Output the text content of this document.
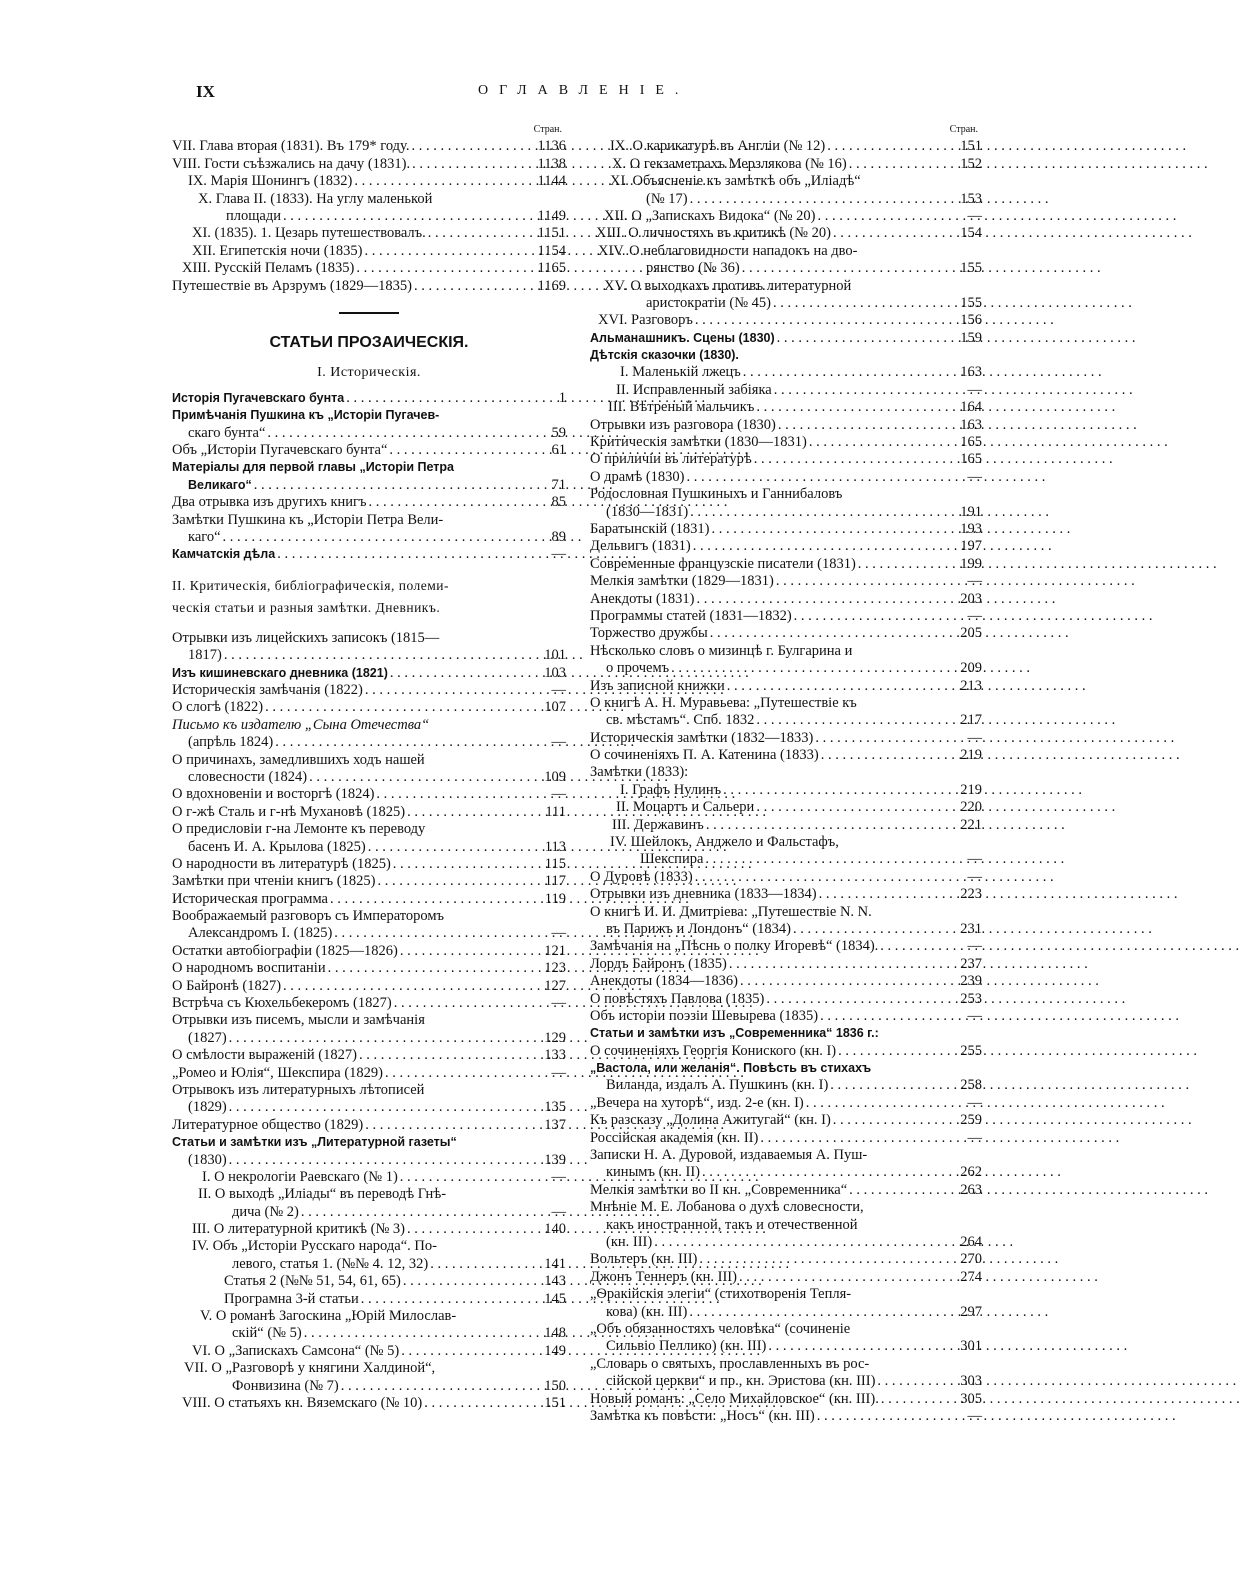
IX	ОГЛАВЛЕНІЕ.
Стран.
VII. Глава вторая (1831). Въ 179* году. . . .	1136
VIII. Гости съѣзжались на дачу (1831). . . .	1138
IX. Марія Шонингъ (1832) . . .	1144
X. Глава II. (1833). На углу маленькой
площади . . .	1149
XI. (1835). 1. Цезарь путешествовалъ. . . .	1151
XII. Египетскія ночи (1835) . . .	1154
XIII. Русскій Пеламъ (1835) . . .	1165
Путешествіе въ Арзрумъ (1829—1835) . . .	1169
СТАТЬИ ПРОЗАИЧЕСКІЯ.
I. Историческія.
Исторія Пугачевскаго бунта . . .	1
Примѣчанія Пушкина къ „Исторіи Пугачев-
скаго бунта“ . . .	59
Объ „Исторіи Пугачевскаго бунта“ . . .	61
Матеріалы для первой главы „Исторіи Петра
Великаго“ . . .	71
Два отрывка изъ другихъ книгъ . . .	85
Замѣтки Пушкина къ „Исторіи Петра Вели-
каго“ . . .	89
Камчатскія дѣла . . .	—
II. Критическія, библіографическія, полеми-
ческія статьи и разныя замѣтки. Дневникъ.
Отрывки изъ лицейскихъ записокъ (1815—
1817) . . .	101
Изъ кишиневскаго дневника (1821) . . .	103
Историческія замѣчанія (1822) . . .	—
О слогѣ (1822) . . .	107
Письмо къ издателю „Сына Отечества“
(апрѣль 1824) . . .	—
О причинахъ, замедлившихъ ходъ нашей
словесности (1824) . . .	109
О вдохновеніи и восторгѣ (1824) . . .	—
О г-жѣ Сталь и г-нѣ Мухановѣ (1825) . . .	111
О предисловіи г-на Лемонте къ переводу
басенъ И. А. Крылова (1825) . . .	113
О народности въ литературѣ (1825) . . .	115
Замѣтки при чтеніи книгъ (1825) . . .	117
Историческая программа . . .	119
Воображаемый разговоръ съ Императоромъ
Александромъ I. (1825) . . .	—
Остатки автобіографіи (1825—1826) . . .	121
О народномъ воспитаніи . . .	123
О Байронѣ (1827) . . .	127
Встрѣча съ Кюхельбекеромъ (1827) . . .	—
Отрывки изъ писемъ, мысли и замѣчанія
(1827) . . .	129
О смѣлости выраженій (1827) . . .	133
„Ромео и Юлія“, Шекспира (1829) . . .	—
Отрывокъ изъ литературныхъ лѣтописей
(1829) . . .	135
Литературное общество (1829) . . .	137
Статьи и замѣтки изъ „Литературной газеты“
(1830) . . .	139
I. О некрологіи Раевскаго (№ 1) . . .	—
II. О выходѣ „Иліады“ въ переводѣ Гнѣ-
дича (№ 2) . . .	—
III. О литературной критикѣ (№ 3) . . .	140
IV. Объ „Исторіи Русскаго народа“. По-
левого, статья 1. (№№ 4. 12, 32) . . .	141
Статья 2 (№№ 51, 54, 61, 65) . . .	143
Програмна 3-й статьи . . .	145
V. О романѣ Загоскина „Юрій Милослав-
скій“ (№ 5) . . .	148
VI. О „Запискахъ Самсона“ (№ 5) . . .	149
VII. О „Разговорѣ у княгини Халдиной“,
Фонвизина (№ 7) . . .	150
VIII. О статьяхъ кн. Вяземскаго (№ 10) . . .	151
Стран.
IX. О карикатурѣ въ Англіи (№ 12) . . .	151
X. О гекзаметрахъ Мерзлякова (№ 16) . . .	152
XI. Объясненіе къ замѣткѣ объ „Иліадѣ“
(№ 17) . . .	153
XII. О „Запискахъ Видока“ (№ 20) . . .	—
XIII. О личностяхъ въ критикѣ (№ 20) . . .	154
XIV. О неблаговидности нападокъ на дво-
рянство (№ 36) . . .	155
XV. О выходкахъ противъ литературной
аристократіи (№ 45) . . .	155
XVI. Разговоръ . . .	156
Альманашникъ. Сцены (1830) . . .	159
Дѣтскія сказочки (1830).
I. Маленькій лжецъ . . .	163
II. Исправленный забіяка . . .	—
III. Вѣтреный мальчикъ . . .	164
Отрывки изъ разговора (1830) . . .	163
Критическія замѣтки (1830—1831) . . .	165
О приличіи въ литературѣ . . .	165
О драмѣ (1830) . . .	—
Родословная Пушкиныхъ и Ганнибаловъ
(1830—1831) . . .	191
Баратынскій (1831) . . .	193
Дельвигъ (1831) . . .	197
Современные французскіе писатели (1831) . . .	199
Мелкія замѣтки (1829—1831) . . .	—
Анекдоты (1831) . . .	203
Программы статей (1831—1832) . . .	—
Торжество дружбы . . .	205
Нѣсколько словъ о мизинцѣ г. Булгарина и
о прочемъ . . .	209
Изъ записной книжки . . .	213
О книгѣ А. Н. Муравьева: „Путешествіе къ
св. мѣстамъ“. Спб. 1832 . . .	217
Историческія замѣтки (1832—1833) . . .	—
О сочиненіяхъ П. А. Катенина (1833) . . .	219
Замѣтки (1833):
I. Графъ Нулинъ . . .	219
II. Моцартъ и Сальери . . .	220
III. Державинъ . . .	221
IV. Шейлокъ, Анджело и Фальстафъ,
Шекспира . . .	—
О Дуровѣ (1833) . . .	—
Отрывки изъ дневника (1833—1834) . . .	223
О книгѣ И. И. Дмитріева: „Путешествіе N. N.
въ Парижъ и Лондонъ“ (1834) . . .	231
Замѣчанія на „Пѣснь о полку Игоревѣ“ (1834). . . .	—
Лордъ Байронъ (1835) . . .	237
Анекдоты (1834—1836) . . .	239
О повѣстяхъ Павлова (1835) . . .	253
Объ исторіи поэзіи Шевырева (1835) . . .	—
Статьи и замѣтки изъ „Современника“ 1836 г.:
О сочиненіяхъ Георгія Кониского (кн. I) . . .	255
„Вастола, или желанія“. Повѣсть въ стихахъ
Виланда, издалъ А. Пушкинъ (кн. I) . . .	258
„Вечера на хуторѣ“, изд. 2-е (кн. I) . . .	—
Къ разсказу „Долина Ажитугай“ (кн. I) . . .	259
Россійская академія (кн. II) . . .	—
Записки Н. А. Дуровой, издаваемыя А. Пуш-
кинымъ (кн. II) . . .	262
Мелкія замѣтки во II кн. „Современника“ . . .	263
Мнѣніе М. Е. Лобанова о духѣ словесности,
какъ иностранной, такъ и отечественной
(кн. III) . . .	264
Вольтеръ (кн. III) . . .	270
Джонъ Теннеръ (кн. III) . . .	274
„Ѳракійскія элегіи“ (стихотворенія Тепля-
кова) (кн. III) . . .	297
„Объ обязанностяхъ человѣка“ (сочиненіе
Сильвіо Пеллико) (кн. III) . . .	301
„Словарь о святыхъ, прославленныхъ въ рос-
сійской церкви“ и пр., кн. Эристова (кн. III) . . .	303
Новый романъ: „Село Михайловское“ (кн. III). . . .	305
Замѣтка къ повѣсти: „Носъ“ (кн. III) . . .	—
